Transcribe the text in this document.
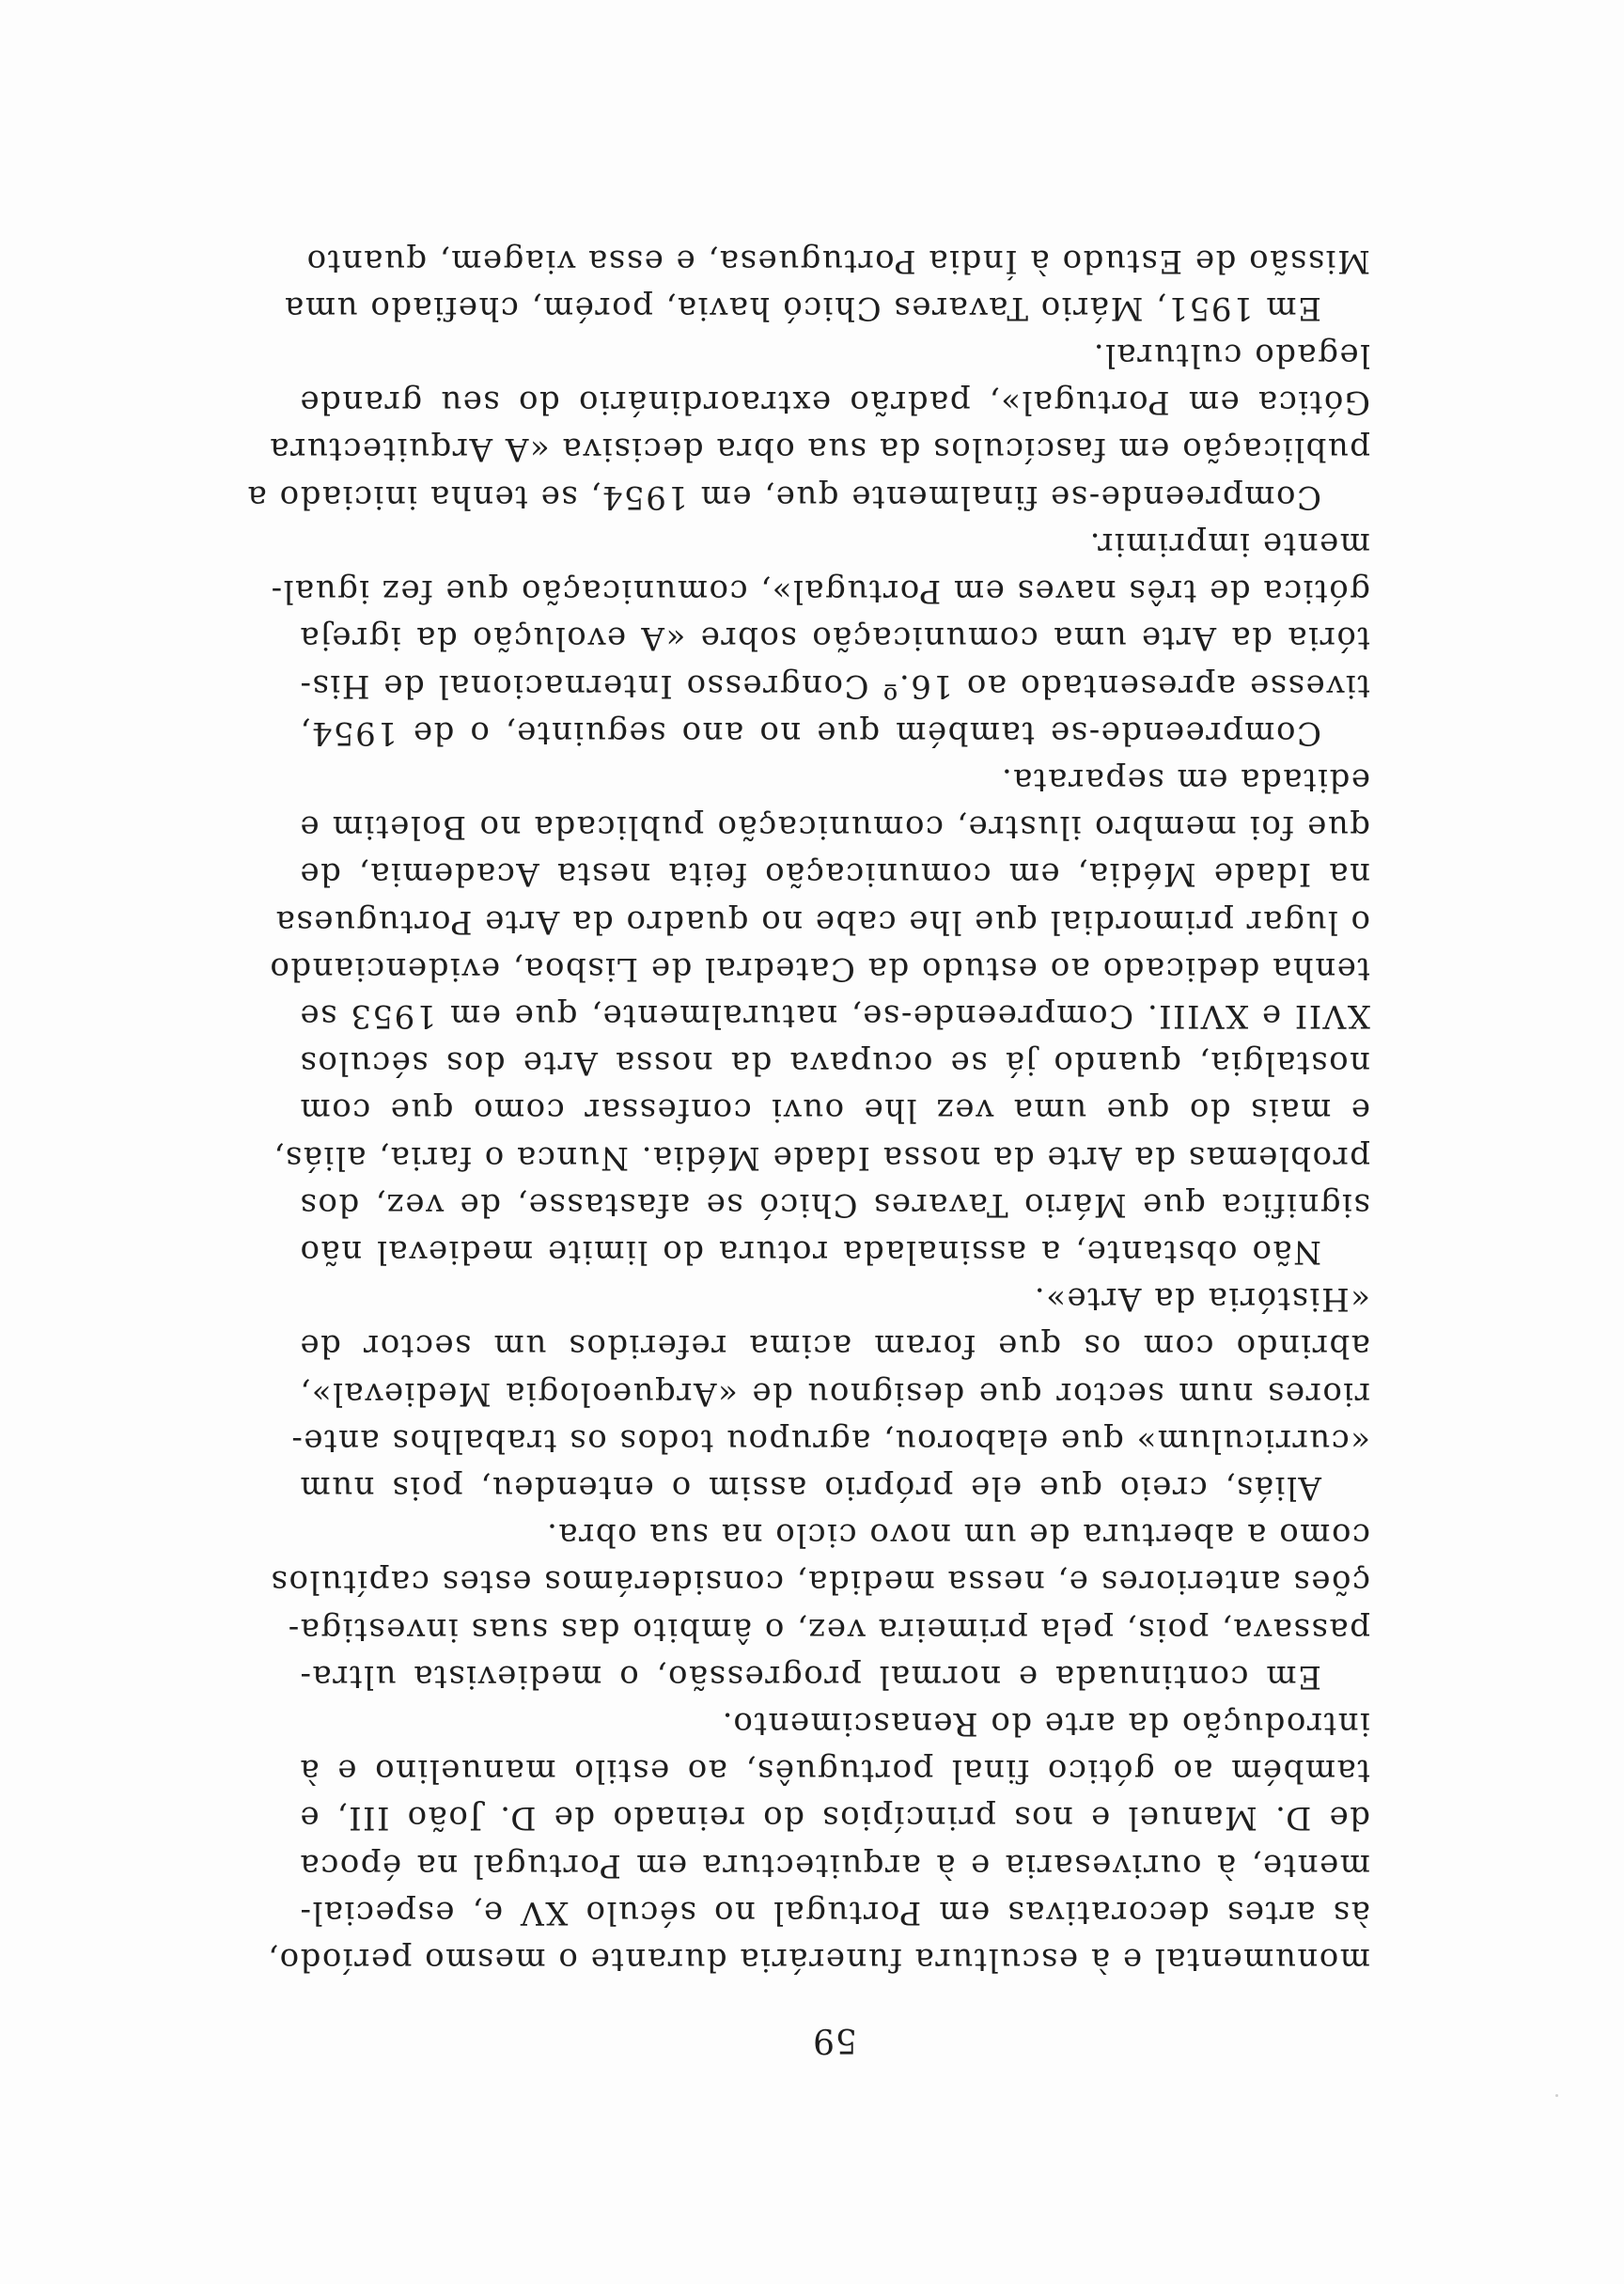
59

monumental e à escultura funerária durante o mesmo período,
às artes decorativas em Portugal no século XV e, especial-
mente, à ourivesaria e à arquitectura em Portugal na época
de D. Manuel e nos princípios do reinado de D. João III, e
também ao gótico final português, ao estilo manuelino e à
introdução da arte do Renascimento.

Em continuada e normal progressão, o medievista ultra-
passava, pois, pela primeira vez, o âmbito das suas investiga-
ções anteriores e, nessa medida, considerámos estes capítulos
como a abertura de um novo ciclo na sua obra.

Aliás, creio que ele próprio assim o entendeu, pois num
«curriculum» que elaborou, agrupou todos os trabalhos ante-
riores num sector que designou de «Arqueologia Medieval»,
abrindo com os que foram acima referidos um sector de
«História da Arte».

Não obstante, a assinalada rotura do limite medieval não
significa que Mário Tavares Chicó se afastasse, de vez, dos
problemas da Arte da nossa Idade Média. Nunca o faria, aliás,
e mais do que uma vez lhe ouvi confessar como que com
nostalgia, quando já se ocupava da nossa Arte dos séculos
XVII e XVIII. Compreende-se, naturalmente, que em 1953 se
tenha dedicado ao estudo da Catedral de Lisboa, evidenciando
o lugar primordial que lhe cabe no quadro da Arte Portuguesa
na Idade Média, em comunicação feita nesta Academia, de
que foi membro ilustre, comunicação publicada no Boletim e
editada em separata.

Compreende-se também que no ano seguinte, o de 1954,
tivesse apresentado ao 16.º Congresso Internacional de His-
tória da Arte uma comunicação sobre «A evolução da igreja
gótica de três naves em Portugal», comunicação que fez igual-
mente imprimir.

Compreende-se finalmente que, em 1954, se tenha iniciado a
publicação em fascículos da sua obra decisiva «A Arquitectura
Gótica em Portugal», padrão extraordinário do seu grande
legado cultural.

Em 1951, Mário Tavares Chicó havia, porém, chefiado uma
Missão de Estudo à Índia Portuguesa, e essa viagem, quanto
